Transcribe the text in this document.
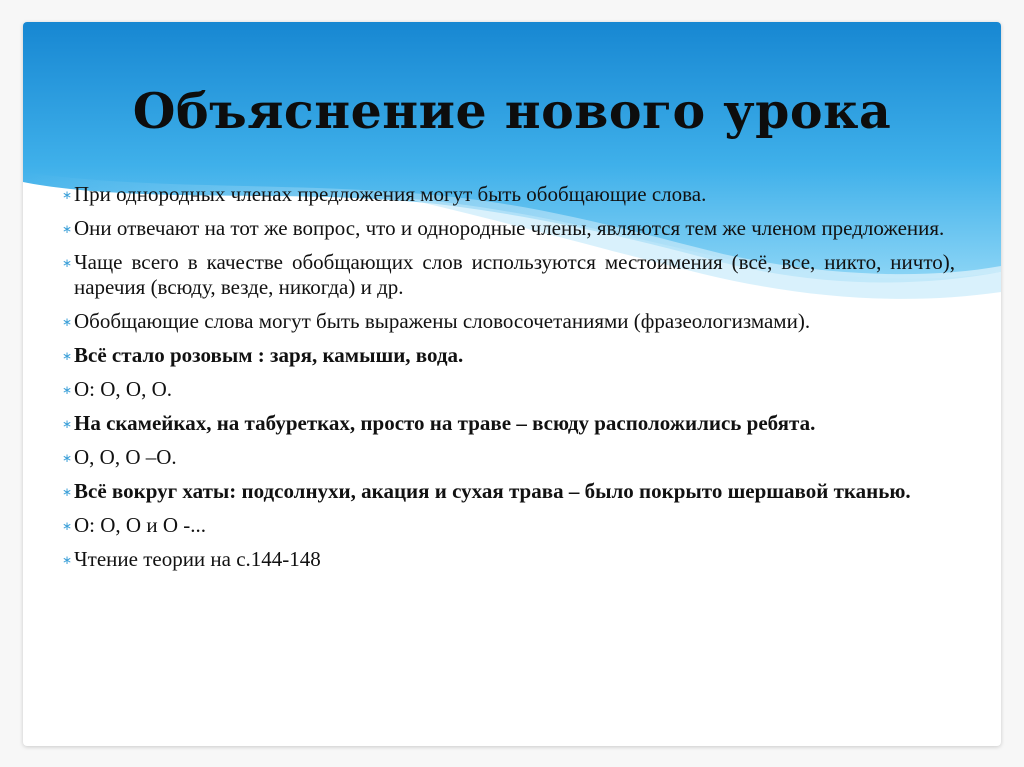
Объяснение нового урока
∗ При однородных членах предложения могут быть обобщающие слова.
∗ Они отвечают на тот же вопрос, что и однородные члены, являются тем же членом предложения.
∗ Чаще всего в качестве обобщающих слов используются местоимения (всё, все, никто, ничто), наречия (всюду, везде, никогда) и др.
∗ Обобщающие слова могут быть выражены словосочетаниями (фразеологизмами).
∗ Всё стало розовым : заря, камыши, вода.
∗ О: О, О, О.
∗ На скамейках, на табуретках, просто на траве – всюду расположились ребята.
∗ О, О, О –О.
∗ Всё вокруг хаты: подсолнухи, акация и сухая трава – было покрыто шершавой тканью.
∗ О: О, О и О -...
∗ Чтение теории на с.144-148
